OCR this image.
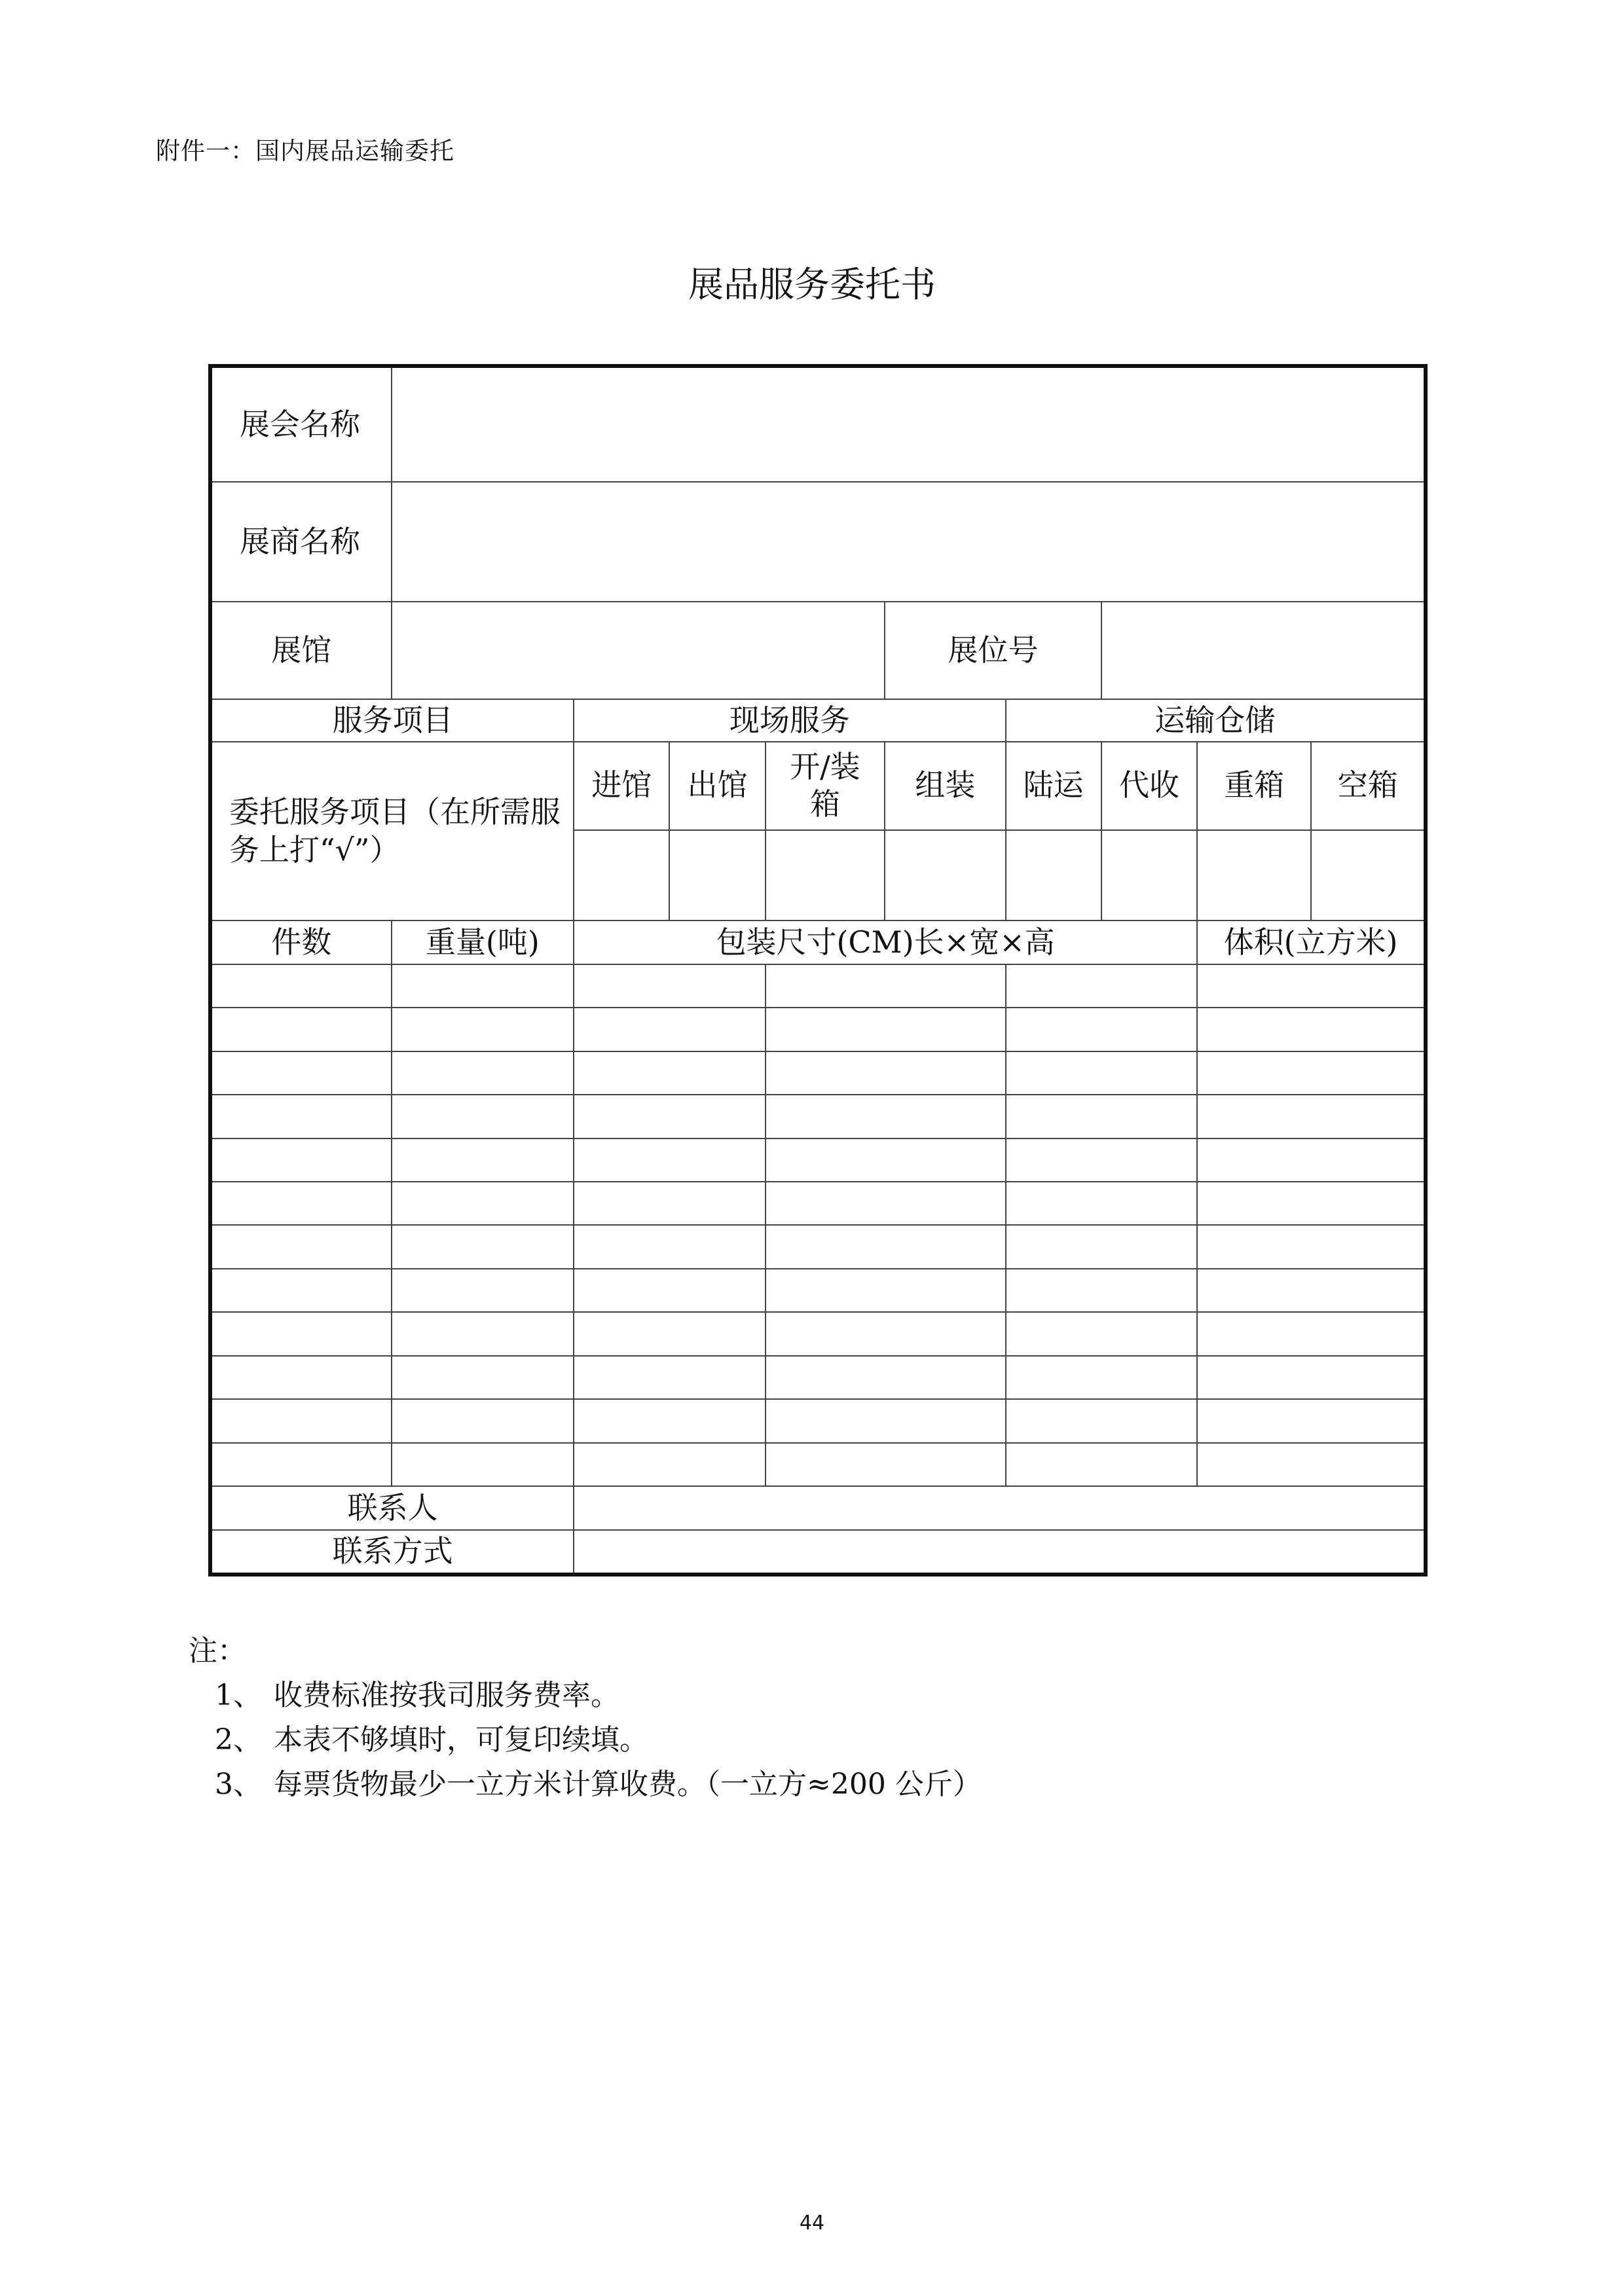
附件一：国内展品运输委托
展品服务委托书
展会名称									
展商名称									
展馆					展位号				
服务项目		现场服务				运输仓储			
委托服务项目（在所需服务上打“√”）		进馆	出馆	开/装箱	组装	陆运	代收	重箱	空箱

件数	重量(吨)	包装尺寸(CM)长×宽×高						体积(立方米)	

联系人									
联系方式									
注：
1、 收费标准按我司服务费率。
2、 本表不够填时，可复印续填。
3、 每票货物最少一立方米计算收费。（一立方≈200 公斤）
44
